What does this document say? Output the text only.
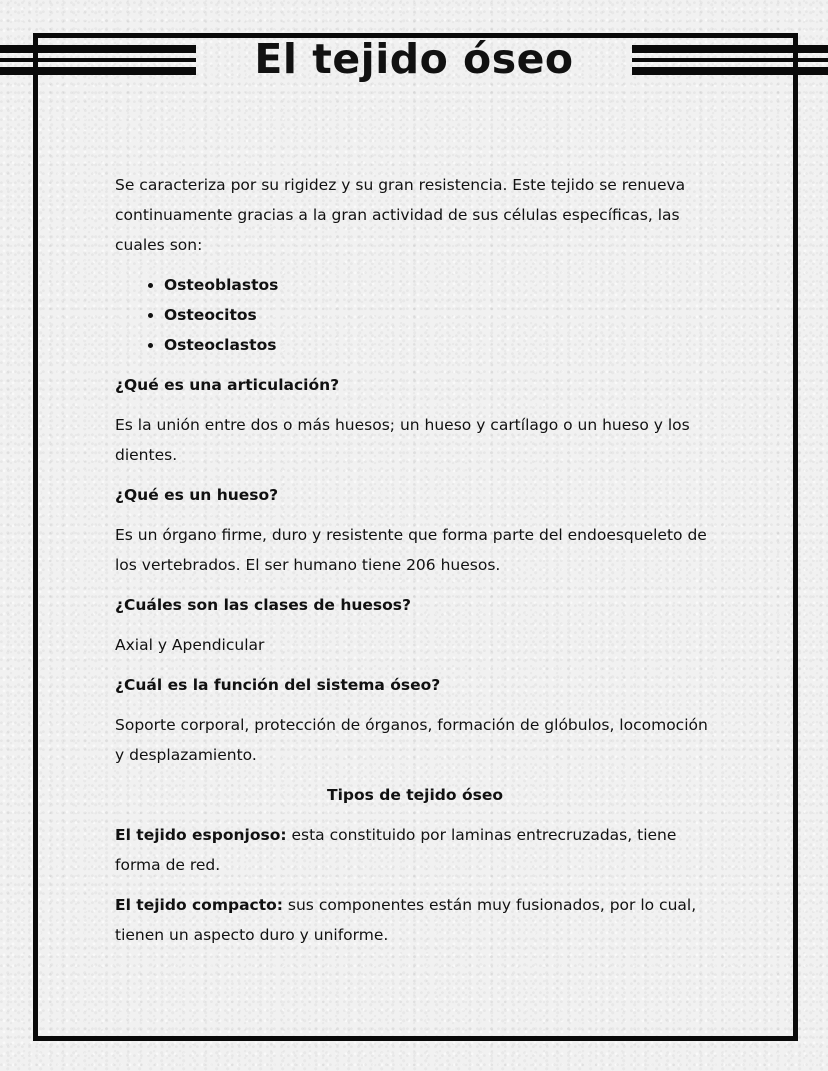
El tejido óseo

Se caracteriza por su rigidez y su gran resistencia. Este tejido se renueva continuamente gracias a la gran actividad de sus células específicas, las cuales son:

• Osteoblastos
• Osteocitos
• Osteoclastos

¿Qué es una articulación?

Es la unión entre dos o más huesos; un hueso y cartílago o un hueso y los dientes.

¿Qué es un hueso?

Es un órgano firme, duro y resistente que forma parte del endoesqueleto de los vertebrados. El ser humano tiene 206 huesos.

¿Cuáles son las clases de huesos?

Axial y Apendicular

¿Cuál es la función del sistema óseo?

Soporte corporal, protección de órganos, formación de glóbulos, locomoción y desplazamiento.

Tipos de tejido óseo

El tejido esponjoso: esta constituido por laminas entrecruzadas, tiene forma de red.

El tejido compacto: sus componentes están muy fusionados, por lo cual, tienen un aspecto duro y uniforme.
